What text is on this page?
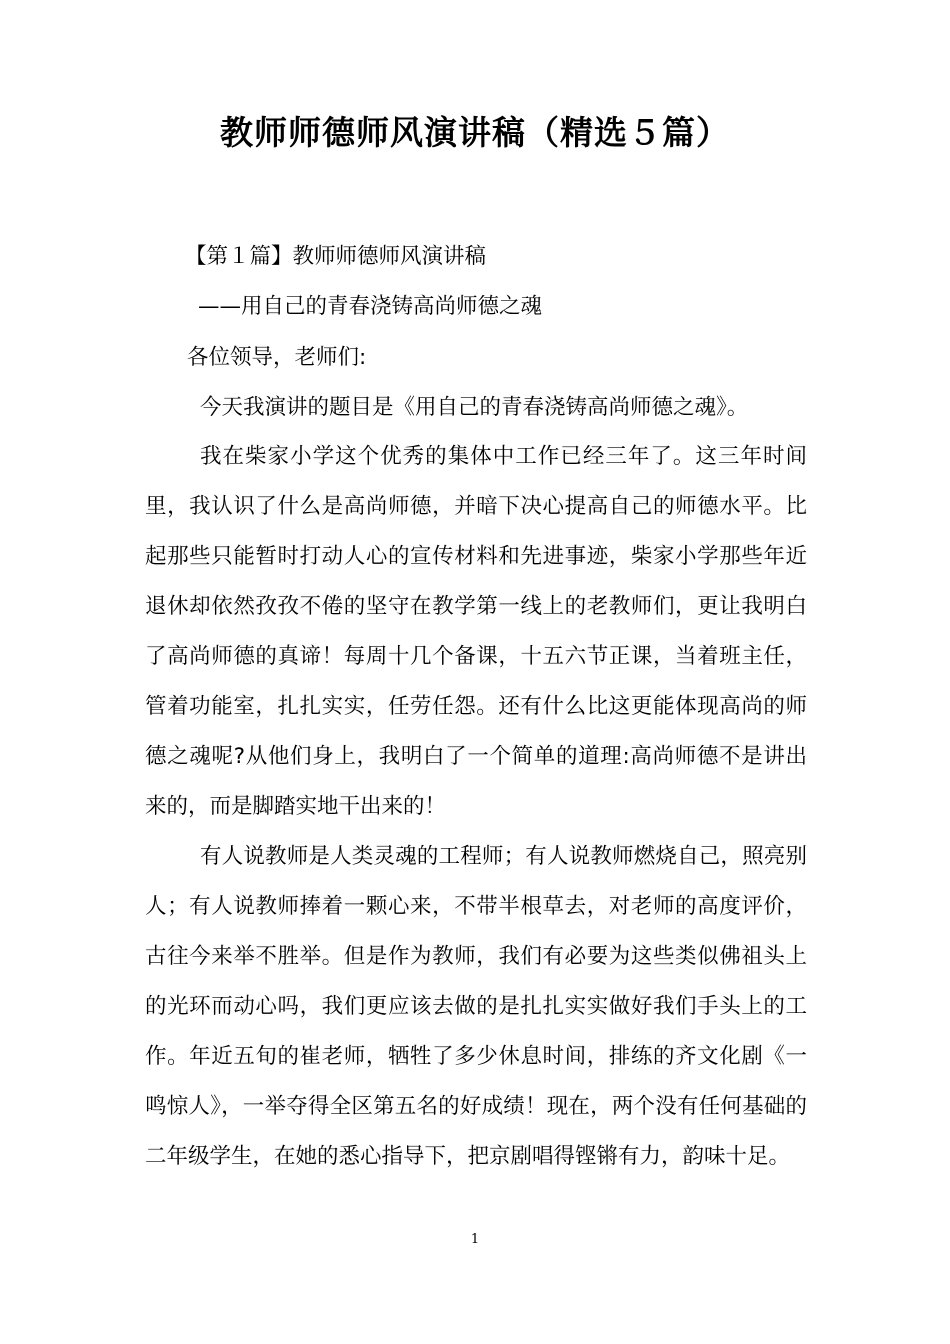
教师师德师风演讲稿（精选５篇）
【第１篇】教师师德师风演讲稿
——用自己的青春浇铸高尚师德之魂
各位领导，老师们:
今天我演讲的题目是《用自己的青春浇铸高尚师德之魂》。

我在柴家小学这个优秀的集体中工作已经三年了。这三年时间里，我认识了什么是高尚师德，并暗下决心提高自己的师德水平。比起那些只能暂时打动人心的宣传材料和先进事迹，柴家小学那些年近退休却依然孜孜不倦的坚守在教学第一线上的老教师们，更让我明白了高尚师德的真谛！每周十几个备课，十五六节正课，当着班主任，管着功能室，扎扎实实，任劳任怨。还有什么比这更能体现高尚的师德之魂呢?从他们身上，我明白了一个简单的道理:高尚师德不是讲出来的，而是脚踏实地干出来的！

有人说教师是人类灵魂的工程师；有人说教师燃烧自己，照亮别人；有人说教师捧着一颗心来，不带半根草去，对老师的高度评价，古往今来举不胜举。但是作为教师，我们有必要为这些类似佛祖头上的光环而动心吗，我们更应该去做的是扎扎实实做好我们手头上的工作。年近五旬的崔老师，牺牲了多少休息时间，排练的齐文化剧《一鸣惊人》，一举夺得全区第五名的好成绩！现在，两个没有任何基础的二年级学生，在她的悉心指导下，把京剧唱得铿锵有力，韵味十足。

1
